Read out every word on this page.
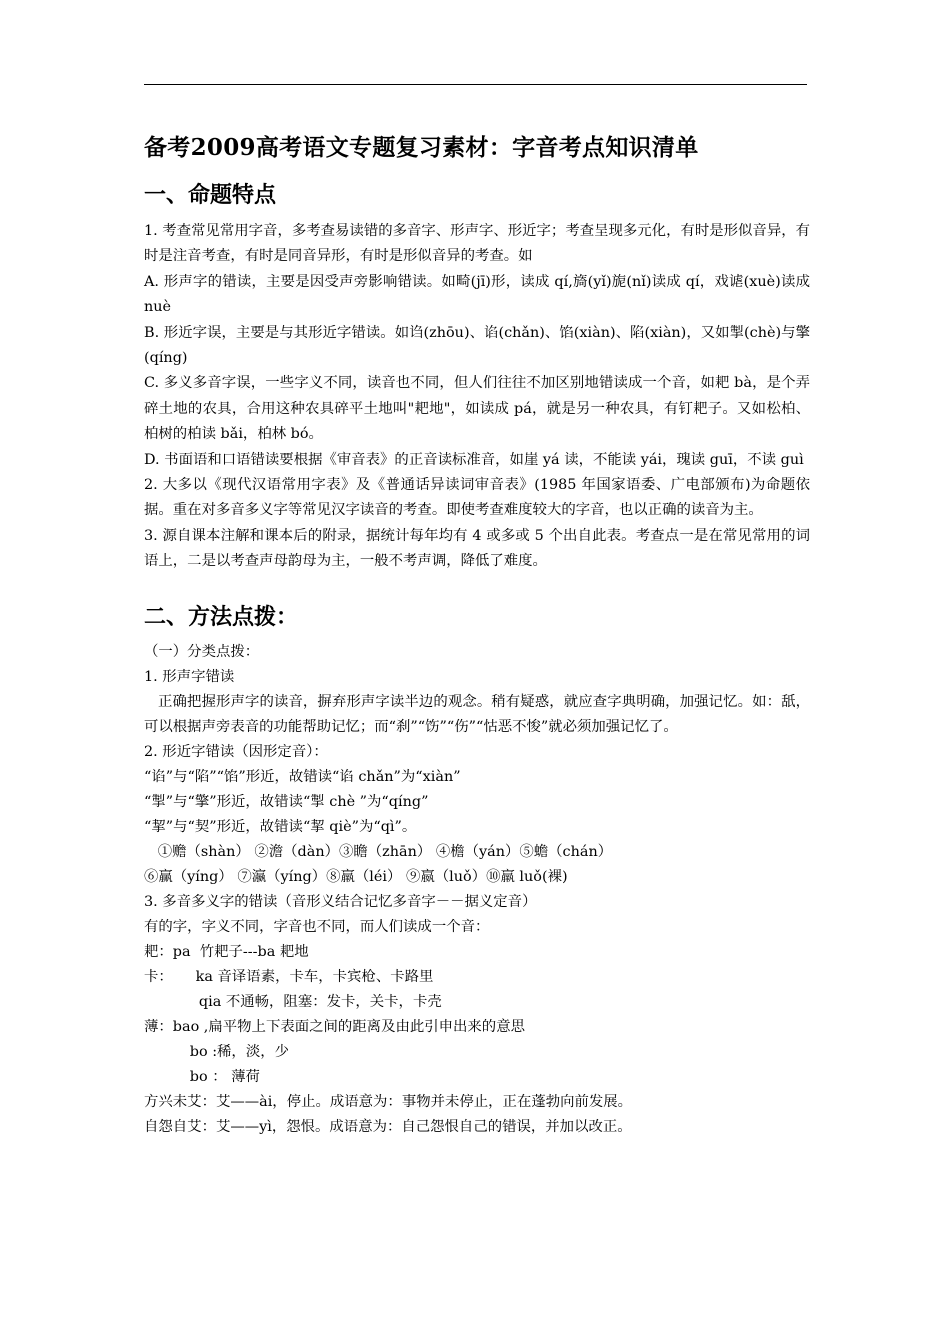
备考2009高考语文专题复习素材：字音考点知识清单
一、命题特点

1. 考查常见常用字音，多考查易读错的多音字、形声字、形近字；考查呈现多元化，有时是形似音异，有时是注音考查，有时是同音异形，有时是形似音异的考查。如

A. 形声字的错读，主要是因受声旁影响错读。如畸(jī)形，读成 qí,旖(yǐ)旎(nǐ)读成 qí，戏谑(xuè)读成 nuè

B. 形近字误，主要是与其形近字错读。如诌(zhōu)、谄(chǎn)、馅(xiàn)、陷(xiàn)，又如掣(chè)与擎(qíng)

C. 多义多音字误，一些字义不同，读音也不同，但人们往往不加区别地错读成一个音，如耙 bà，是个弄碎土地的农具，合用这种农具碎平土地叫"耙地"，如读成 pá，就是另一种农具，有钉耙子。又如松柏、柏树的柏读 bǎi，柏林 bó。

D. 书面语和口语错读要根据《审音表》的正音读标准音，如崖 yá 读，不能读 yái，瑰读 guī，不读 guì

2. 大多以《现代汉语常用字表》及《普通话异读词审音表》(1985 年国家语委、广电部颁布)为命题依据。重在对多音多义字等常见汉字读音的考查。即使考查难度较大的字音，也以正确的读音为主。

3. 源自课本注解和课本后的附录，据统计每年均有 4 或多或 5 个出自此表。考查点一是在常见常用的词语上，二是以考查声母韵母为主，一般不考声调，降低了难度。

二、方法点拨：

（一）分类点拨：

1. 形声字错读

正确把握形声字的读音，摒弃形声字读半边的观念。稍有疑惑，就应查字典明确，加强记忆。如：舐，可以根据声旁表音的功能帮助记忆；而“刹”“饬”“伤”“怙恶不悛”就必须加强记忆了。

2. 形近字错读（因形定音）：

“谄”与“陷”“馅”形近，故错读“谄 chǎn”为“xiàn”

“掣”与“擎”形近，故错读“掣 chè ”为“qíng”

“挈”与“契”形近，故错读“挈 qiè”为“qì”。

①赡（shàn） ②澹（dàn）③瞻（zhān） ④檐（yán）⑤蟾（chán）

⑥赢（yíng） ⑦瀛（yíng）⑧羸（léi） ⑨嬴（luǒ）⑩羸 luǒ(裸)

3. 多音多义字的错读（音形义结合记忆多音字－－据义定音）

有的字，字义不同，字音也不同，而人们读成一个音：

耙：pa  竹耙子---ba 耙地

卡：     ka 音译语素，卡车，卡宾枪、卡路里

qia 不通畅，阻塞：发卡，关卡，卡壳

薄：bao ,扁平物上下表面之间的距离及由此引申出来的意思

bo :稀，淡，少

bo ： 薄荷

方兴未艾：艾——ài，停止。成语意为：事物并未停止，正在蓬勃向前发展。

自怨自艾：艾——yì，怨恨。成语意为：自己怨恨自己的错误，并加以改正。
